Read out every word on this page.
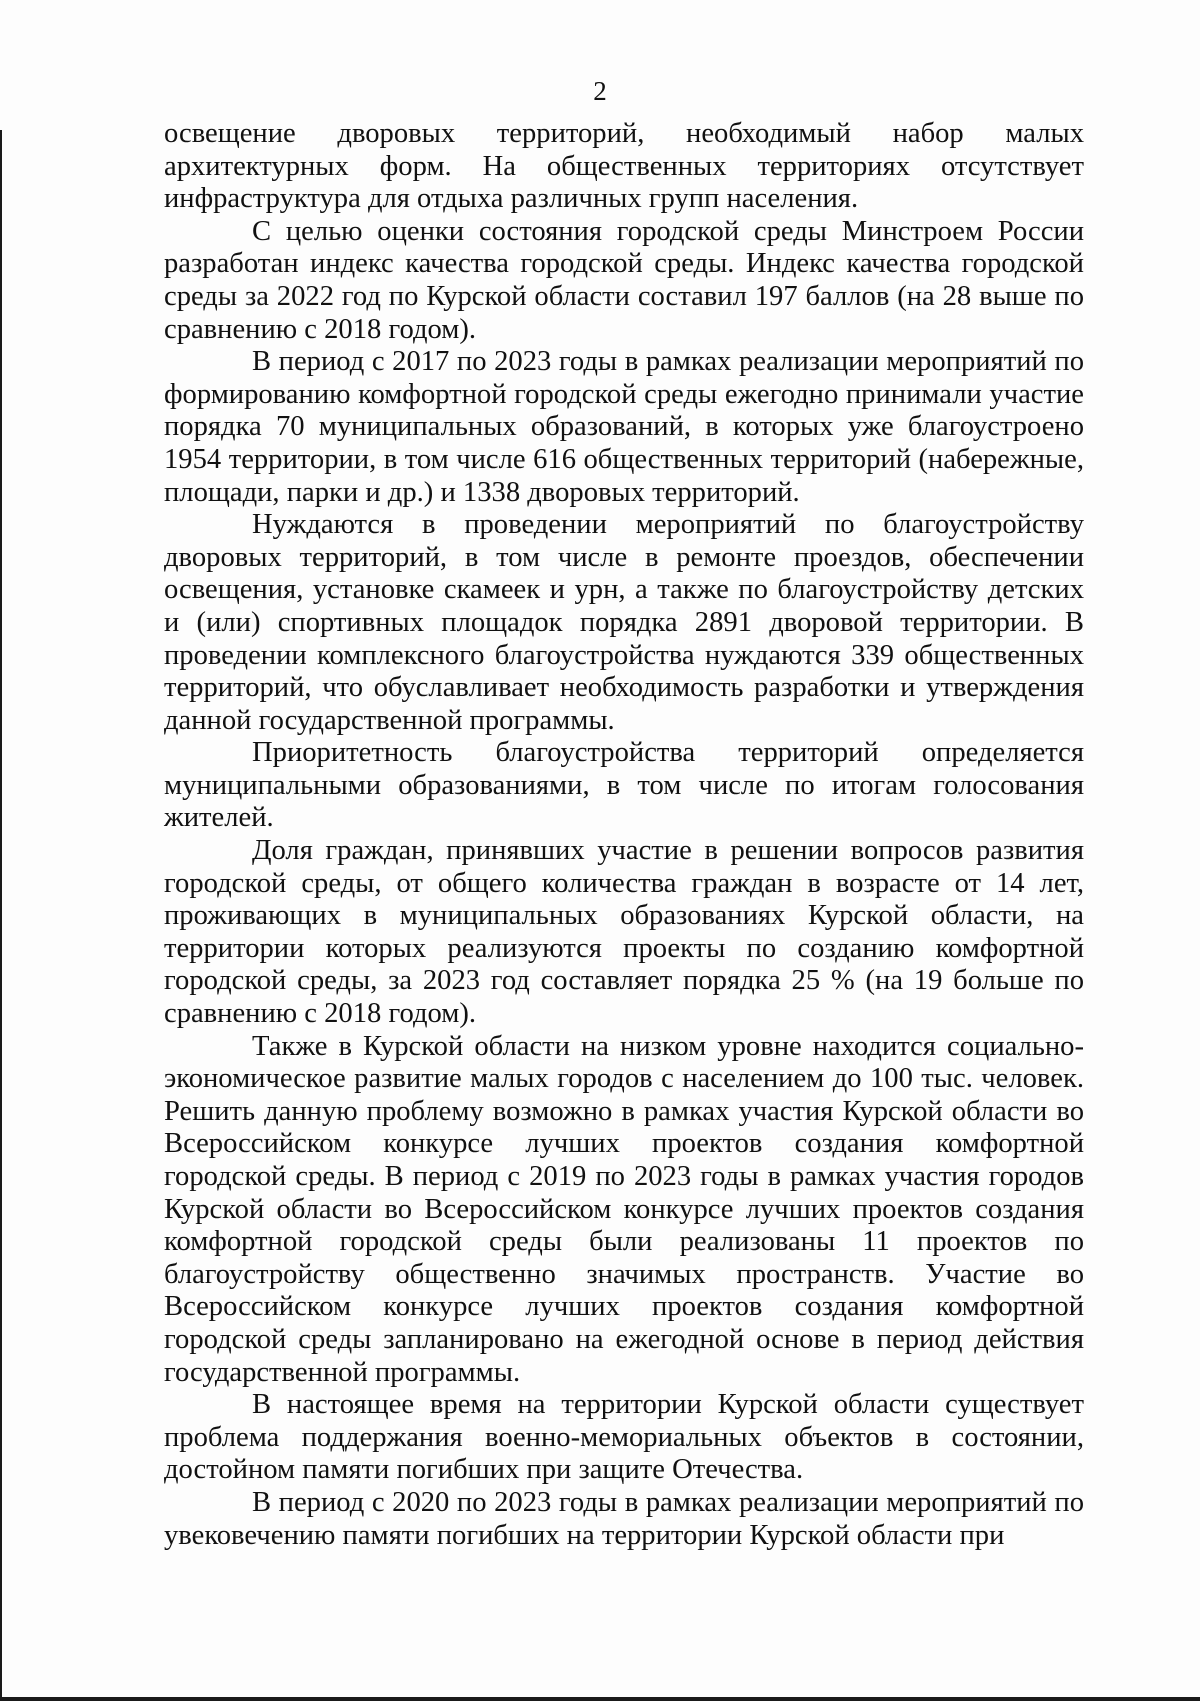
2

освещение дворовых территорий, необходимый набор малых архитектурных форм. На общественных территориях отсутствует инфраструктура для отдыха различных групп населения.

С целью оценки состояния городской среды Минстроем России разработан индекс качества городской среды. Индекс качества городской среды за 2022 год по Курской области составил 197 баллов (на 28 выше по сравнению с 2018 годом).

В период с 2017 по 2023 годы в рамках реализации мероприятий по формированию комфортной городской среды ежегодно принимали участие порядка 70 муниципальных образований, в которых уже благоустроено 1954 территории, в том числе 616 общественных территорий (набережные, площади, парки и др.) и 1338 дворовых территорий.

Нуждаются в проведении мероприятий по благоустройству дворовых территорий, в том числе в ремонте проездов, обеспечении освещения, установке скамеек и урн, а также по благоустройству детских и (или) спортивных площадок порядка 2891 дворовой территории. В проведении комплексного благоустройства нуждаются 339 общественных территорий, что обуславливает необходимость разработки и утверждения данной государственной программы.

Приоритетность благоустройства территорий определяется муниципальными образованиями, в том числе по итогам голосования жителей.

Доля граждан, принявших участие в решении вопросов развития городской среды, от общего количества граждан в возрасте от 14 лет, проживающих в муниципальных образованиях Курской области, на территории которых реализуются проекты по созданию комфортной городской среды, за 2023 год составляет порядка 25 % (на 19 больше по сравнению с 2018 годом).

Также в Курской области на низком уровне находится социально-экономическое развитие малых городов с населением до 100 тыс. человек. Решить данную проблему возможно в рамках участия Курской области во Всероссийском конкурсе лучших проектов создания комфортной городской среды. В период с 2019 по 2023 годы в рамках участия городов Курской области во Всероссийском конкурсе лучших проектов создания комфортной городской среды были реализованы 11 проектов по благоустройству общественно значимых пространств. Участие во Всероссийском конкурсе лучших проектов создания комфортной городской среды запланировано на ежегодной основе в период действия государственной программы.

В настоящее время на территории Курской области существует проблема поддержания военно-мемориальных объектов в состоянии, достойном памяти погибших при защите Отечества.

В период с 2020 по 2023 годы в рамках реализации мероприятий по увековечению памяти погибших на территории Курской области при
